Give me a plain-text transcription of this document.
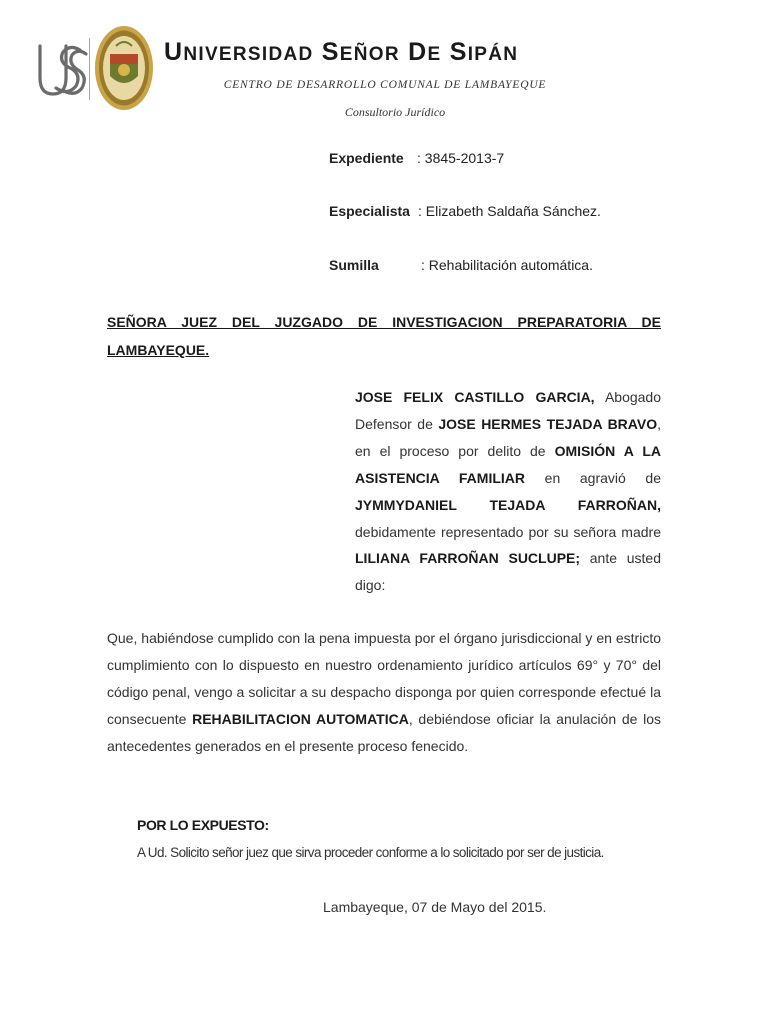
UNIVERSIDAD SEÑOR DE SIPÁN
CENTRO DE DESARROLLO COMUNAL DE LAMBAYEQUE
Consultorio Jurídico
Expediente : 3845-2013-7
Especialista : Elizabeth Saldaña Sánchez.
Sumilla	: Rehabilitación automática.
SEÑORA JUEZ DEL JUZGADO DE INVESTIGACION PREPARATORIA DE LAMBAYEQUE.
JOSE FELIX CASTILLO GARCIA, Abogado Defensor de JOSE HERMES TEJADA BRAVO, en el proceso por delito de OMISIÓN A LA ASISTENCIA FAMILIAR en agravió de JYMMYDANIEL TEJADA FARROÑAN, debidamente representado por su señora madre LILIANA FARROÑAN SUCLUPE; ante usted digo:
Que, habiéndose cumplido con la pena impuesta por el órgano jurisdiccional y en estricto cumplimiento con lo dispuesto en nuestro ordenamiento jurídico artículos 69° y 70° del código penal, vengo a solicitar a su despacho disponga por quien corresponde efectué la consecuente REHABILITACION AUTOMATICA, debiéndose oficiar la anulación de los antecedentes generados en el presente proceso fenecido.
POR LO EXPUESTO:
A Ud. Solicito señor juez que sirva proceder conforme a lo solicitado por ser de justicia.
Lambayeque, 07 de Mayo del 2015.
